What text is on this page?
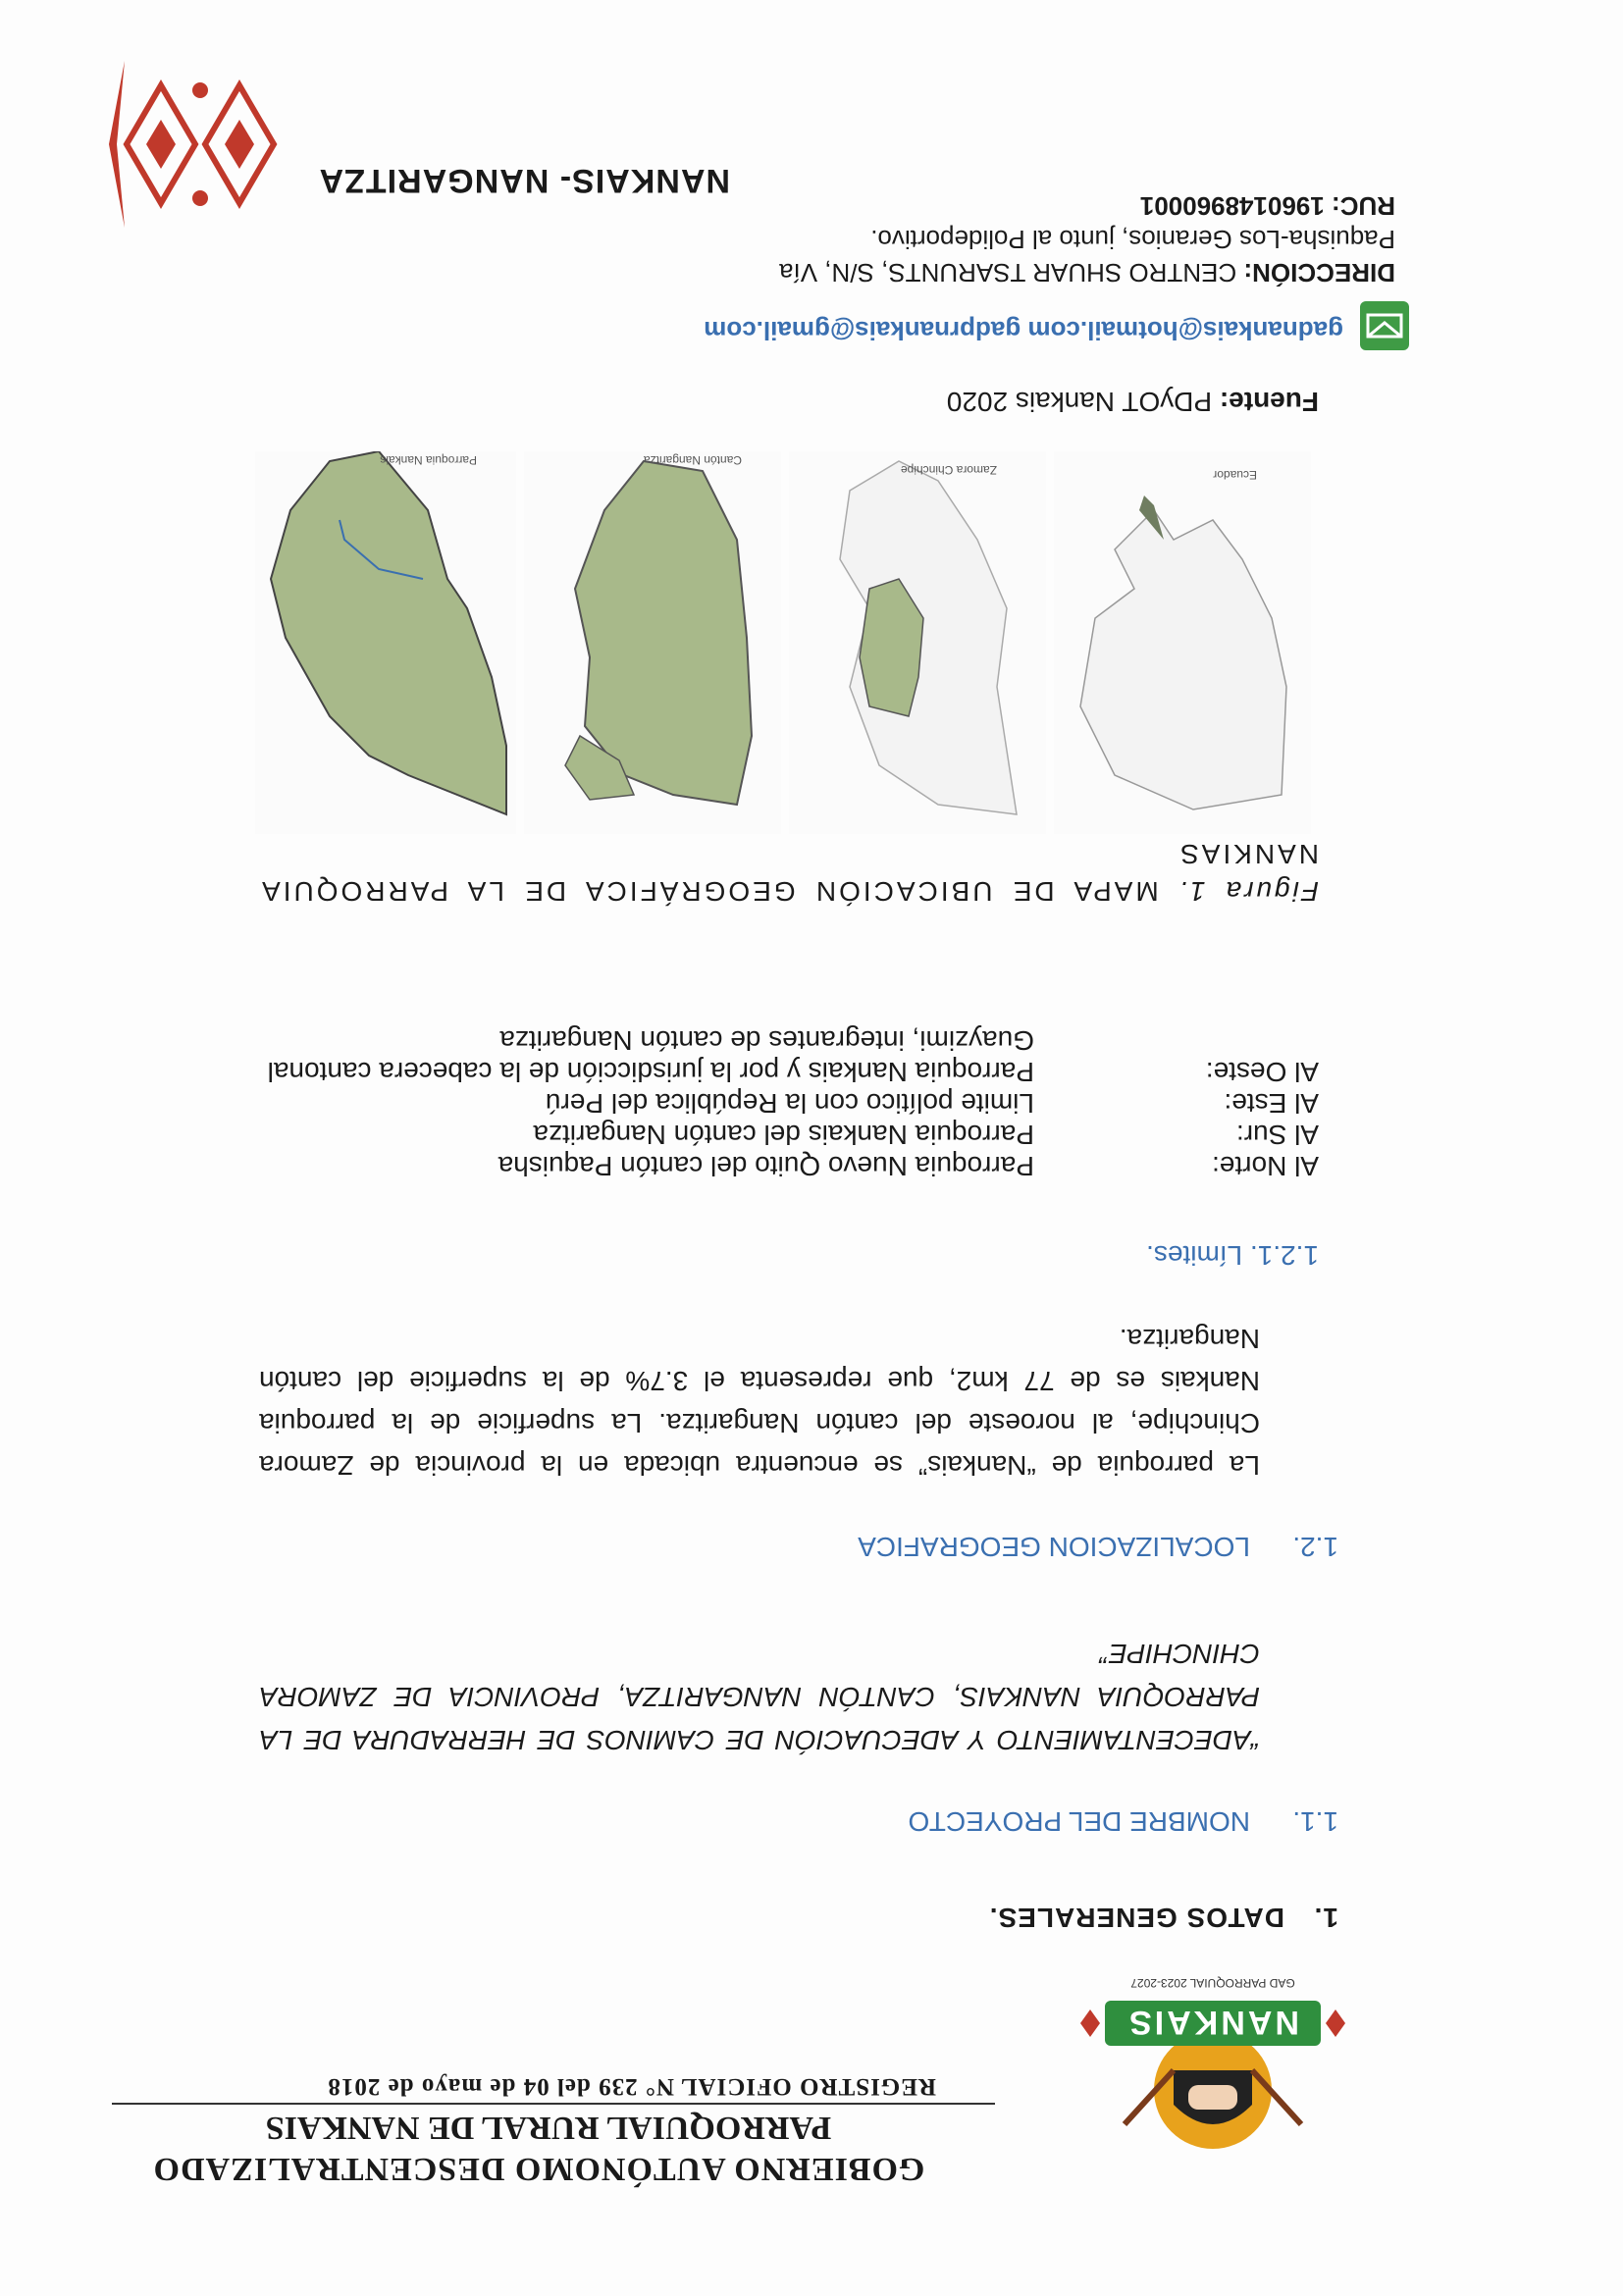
NANKAIS
GAD PARROQUIAL 2023-2027
GOBIERNO AUTÓNOMO DESCENTRALIZADO
PARROQUIAL RURAL DE NANKAIS
REGISTRO OFICIAL N° 239 del 04 de mayo de 2018
1.
DATOS GENERALES.
1.1.
NOMBRE DEL PROYECTO
“ADECENTAMIENTO Y ADECUACIÓN DE CAMINOS DE HERRADURA DE LA PARROQUIA NANKAIS, CANTÓN NANGARITZA, PROVINCIA DE ZAMORA CHINCHIPE”
1.2.
LOCALIZACION GEOGRAFICA
La parroquia de “Nankais” se encuentra ubicada en la provincia de Zamora Chinchipe, al noroeste del cantón Nangaritza. La superficie de la parroquia Nankais es de 77 km2, que representa el 3.7% de la superficie del cantón Nangaritza.
1.2.1. Límites.
Al Norte:
Parroquia Nuevo Quito del cantón Paquisha
Al Sur:
Parroquia Nankais del cantón Nangaritza
Al Este:
Limite político con la República del Perú
Al Oeste:
Parroquia Nankais y por la jurisdicción de la cabecera cantonal Guayzimi, integrantes de cantón Nangaritza
Figura 1. MAPA DE UBICACIÓN GEOGRÁFICA DE LA PARROQUIA NANKIAS
Ecuador
Zamora Chinchipe
Cantón Nangaritza
Parroquia Nankais
Fuente: PDyOT Nankais 2020
gadnankais@hotmail.com gadprnankais@gmail.com
DIRECCIÓN: CENTRO SHUAR TSARUNTS, S/N, Vía Paquisha-Los Geranios, junto al Polideportivo.
RUC: 1960148960001
NANKAIS- NANGARITZA
